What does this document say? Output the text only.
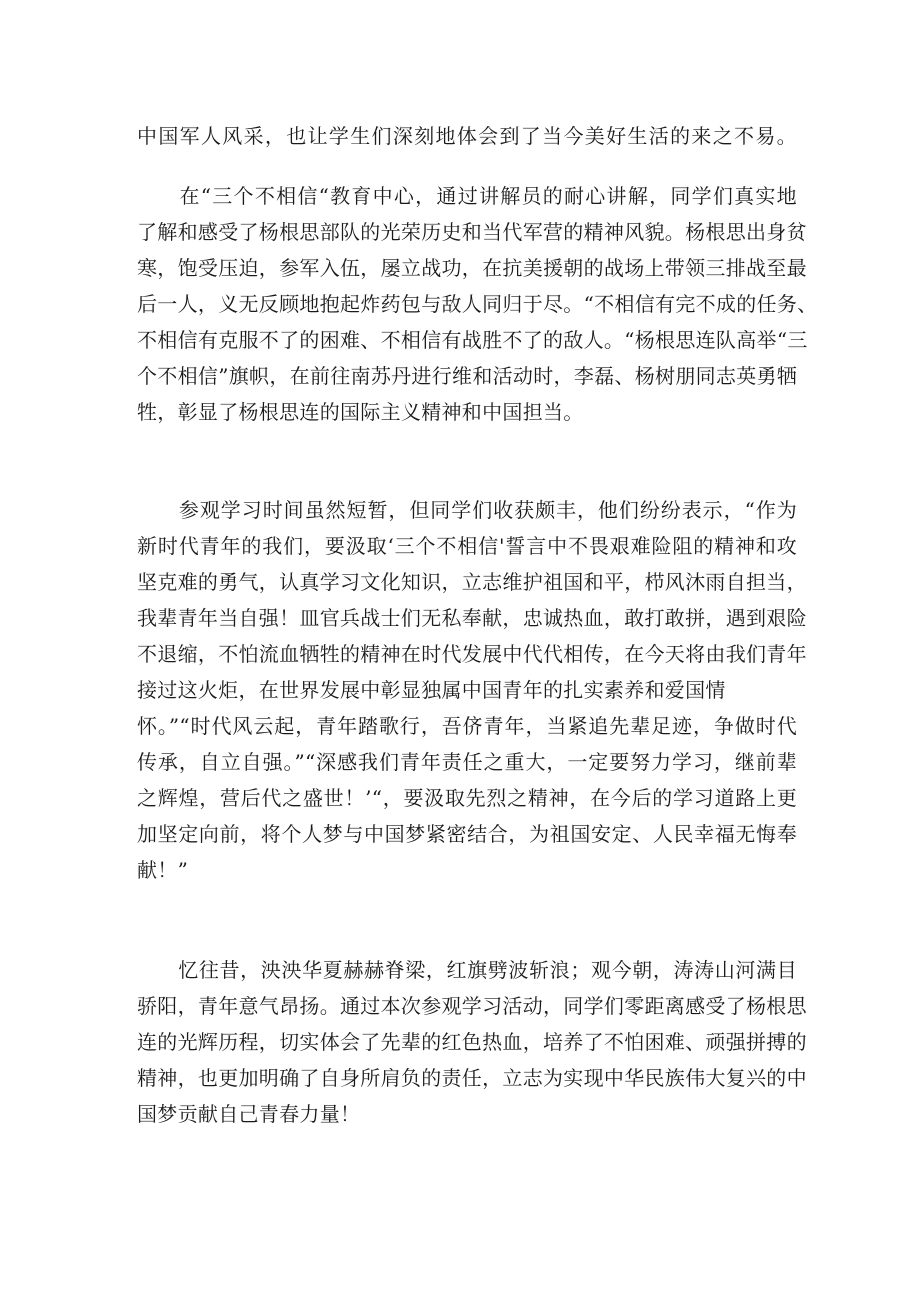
中国军人风采，也让学生们深刻地体会到了当今美好生活的来之不易。
　　在“三个不相信“教育中心，通过讲解员的耐心讲解，同学们真实地
了解和感受了杨根思部队的光荣历史和当代军营的精神风貌。杨根思出身贫
寒，饱受压迫，参军入伍，屡立战功，在抗美援朝的战场上带领三排战至最
后一人，义无反顾地抱起炸药包与敌人同归于尽。“不相信有完不成的任务、
不相信有克服不了的困难、不相信有战胜不了的敌人。“杨根思连队高举“三
个不相信”旗帜，在前往南苏丹进行维和活动时，李磊、杨树朋同志英勇牺
牲，彰显了杨根思连的国际主义精神和中国担当。
　　参观学习时间虽然短暂，但同学们收获颇丰，他们纷纷表示，“作为
新时代青年的我们，要汲取‘三个不相信'誓言中不畏艰难险阻的精神和攻
坚克难的勇气，认真学习文化知识，立志维护祖国和平，栉风沐雨自担当，
我辈青年当自强！皿官兵战士们无私奉献，忠诚热血，敢打敢拼，遇到艰险
不退缩，不怕流血牺牲的精神在时代发展中代代相传，在今天将由我们青年
接过这火炬，在世界发展中彰显独属中国青年的扎实素养和爱国情
怀。”“时代风云起，青年踏歌行，吾侪青年，当紧追先辈足迹，争做时代
传承，自立自强。”“深感我们青年责任之重大，一定要努力学习，继前辈
之辉煌，营后代之盛世！’“，要汲取先烈之精神，在今后的学习道路上更
加坚定向前，将个人梦与中国梦紧密结合，为祖国安定、人民幸福无悔奉
献！”
　　忆往昔，泱泱华夏赫赫脊梁，红旗劈波斩浪；观今朝，涛涛山河满目
骄阳，青年意气昂扬。通过本次参观学习活动，同学们零距离感受了杨根思
连的光辉历程，切实体会了先辈的红色热血，培养了不怕困难、顽强拼搏的
精神，也更加明确了自身所肩负的责任，立志为实现中华民族伟大复兴的中
国梦贡献自己青春力量！
